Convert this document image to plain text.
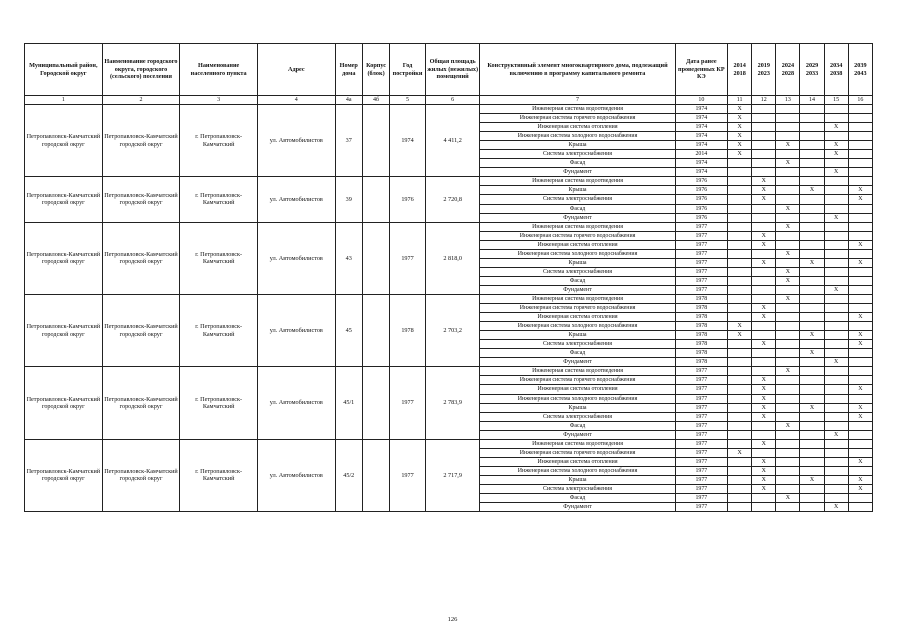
Муниципальный район, Городской округ	Наименование городского округа, городского (сельского) поселения	Наименование населенного пункта	Адрес	Номер дома	Корпус (блок)	Год постройки	Общая площадь жилых (нежилых) помещений	Конструктивный элемент многоквартирного дома, подлежащий включению в программу капитального ремонта	Дата ранее проведенных КР КЭ	2014 2018	2019 2023	2024 2028	2029 2033	2034 2038	2039 2043
1	2	3	4	4a	4б	5	6	7	10	11	12	13	14	15	16
Петропавловск-Камчатский городской округ	Петропавловск-Камчатский городской округ	г. Петропавловск-Камчатский	ул. Автомобилистов	37		1974	4 411,2	Инженерная система водоотведения	1974	X					
								Инженерная система горячего водоснабжения	1974	X					
								Инженерная система отопления	1974	X				X	
								Инженерная система холодного водоснабжения	1974	X					
								Крыша	1974	X		X		X	
								Система электроснабжения	2014	X				X	
								Фасад	1974			X			
								Фундамент	1974					X	
Петропавловск-Камчатский городской округ	Петропавловск-Камчатский городской округ	г. Петропавловск-Камчатский	ул. Автомобилистов	39		1976	2 720,8	Инженерная система водоотведения	1976		X				
								Крыша	1976		X		X		X
								Система электроснабжения	1976		X				X
								Фасад	1976			X			
								Фундамент	1976					X	
Петропавловск-Камчатский городской округ	Петропавловск-Камчатский городской округ	г. Петропавловск-Камчатский	ул. Автомобилистов	43		1977	2 818,0	Инженерная система водоотведения	1977			X			
								Инженерная система горячего водоснабжения	1977		X				
								Инженерная система отопления	1977		X				X
								Инженерная система холодного водоснабжения	1977			X			
								Крыша	1977		X		X		X
								Система электроснабжения	1977			X			
								Фасад	1977			X			
								Фундамент	1977					X	
Петропавловск-Камчатский городской округ	Петропавловск-Камчатский городской округ	г. Петропавловск-Камчатский	ул. Автомобилистов	45		1978	2 703,2	Инженерная система водоотведения	1978			X			
								Инженерная система горячего водоснабжения	1978		X				
								Инженерная система отопления	1978		X				X
								Инженерная система холодного водоснабжения	1978	X					
								Крыша	1978	X			X		X
								Система электроснабжения	1978		X				X
								Фасад	1978				X		
								Фундамент	1978					X	
Петропавловск-Камчатский городской округ	Петропавловск-Камчатский городской округ	г. Петропавловск-Камчатский	ул. Автомобилистов	45/1		1977	2 783,9	Инженерная система водоотведения	1977			X			
								Инженерная система горячего водоснабжения	1977		X				
								Инженерная система отопления	1977		X				X
								Инженерная система холодного водоснабжения	1977		X				
								Крыша	1977		X		X		X
								Система электроснабжения	1977		X				X
								Фасад	1977			X			
								Фундамент	1977					X	
Петропавловск-Камчатский городской округ	Петропавловск-Камчатский городской округ	г. Петропавловск-Камчатский	ул. Автомобилистов	45/2		1977	2 717,9	Инженерная система водоотведения	1977		X				
								Инженерная система горячего водоснабжения	1977	X					
								Инженерная система отопления	1977		X				X
								Инженерная система холодного водоснабжения	1977		X				
								Крыша	1977		X		X		X
								Система электроснабжения	1977		X				X
								Фасад	1977			X			
								Фундамент	1977					X	
126
